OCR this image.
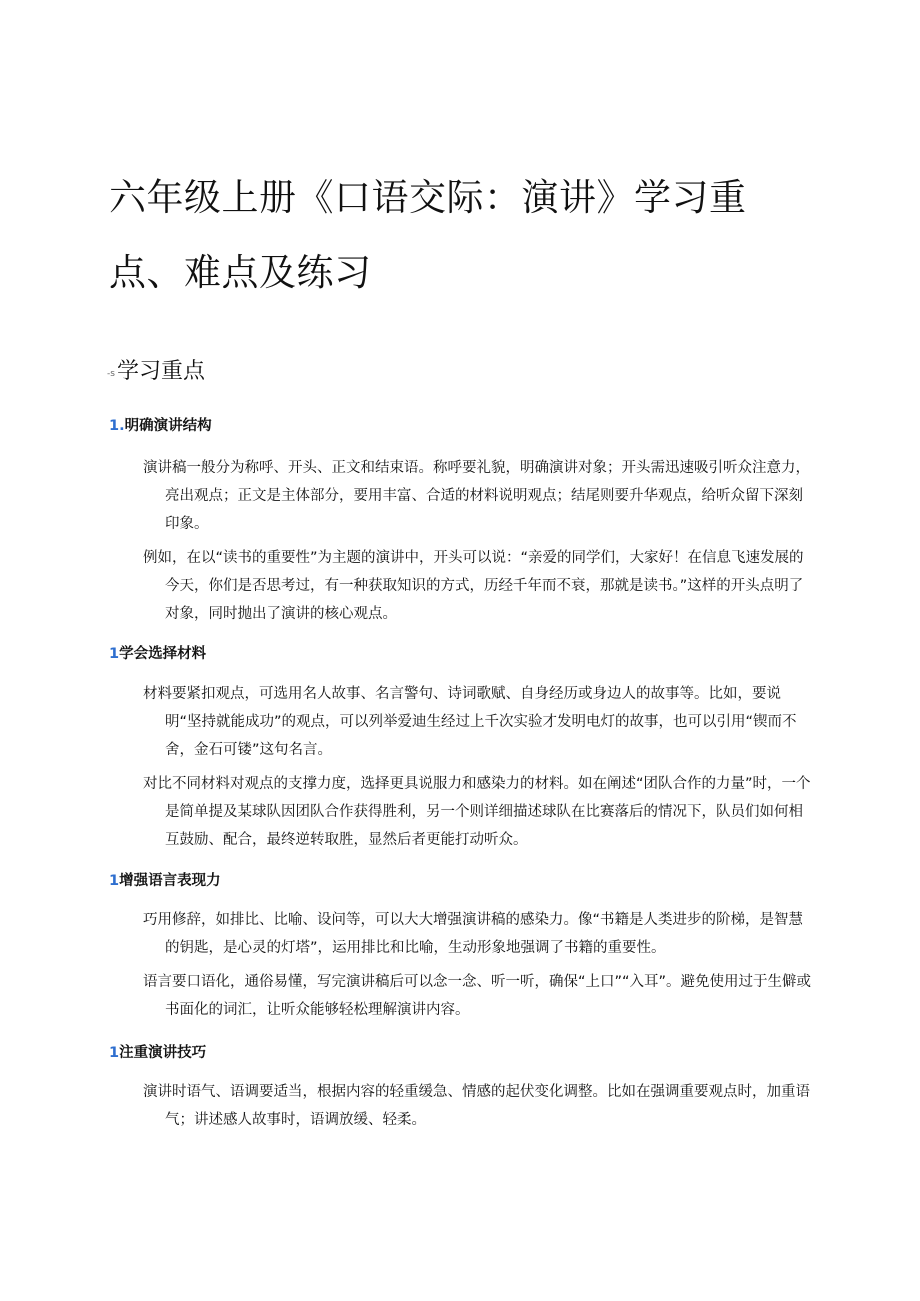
六年级上册《口语交际：演讲》学习重点、难点及练习
-s 学习重点
1.明确演讲结构

演讲稿一般分为称呼、开头、正文和结束语。称呼要礼貌，明确演讲对象；开头需迅速吸引听众注意力，亮出观点；正文是主体部分，要用丰富、合适的材料说明观点；结尾则要升华观点，给听众留下深刻印象。

例如，在以“读书的重要性”为主题的演讲中，开头可以说：“亲爱的同学们，大家好！在信息飞速发展的今天，你们是否思考过，有一种获取知识的方式，历经千年而不衰，那就是读书。”这样的开头点明了对象，同时抛出了演讲的核心观点。

1学会选择材料

材料要紧扣观点，可选用名人故事、名言警句、诗词歌赋、自身经历或身边人的故事等。比如，要说明“坚持就能成功”的观点，可以列举爱迪生经过上千次实验才发明电灯的故事，也可以引用“锲而不舍，金石可镂”这句名言。

对比不同材料对观点的支撑力度，选择更具说服力和感染力的材料。如在阐述“团队合作的力量”时，一个是简单提及某球队因团队合作获得胜利，另一个则详细描述球队在比赛落后的情况下，队员们如何相互鼓励、配合，最终逆转取胜，显然后者更能打动听众。

1增强语言表现力

巧用修辞，如排比、比喻、设问等，可以大大增强演讲稿的感染力。像“书籍是人类进步的阶梯，是智慧的钥匙，是心灵的灯塔”，运用排比和比喻，生动形象地强调了书籍的重要性。

语言要口语化，通俗易懂，写完演讲稿后可以念一念、听一听，确保“上口”“入耳”。避免使用过于生僻或书面化的词汇，让听众能够轻松理解演讲内容。

1注重演讲技巧

演讲时语气、语调要适当，根据内容的轻重缓急、情感的起伏变化调整。比如在强调重要观点时，加重语气；讲述感人故事时，语调放缓、轻柔。
